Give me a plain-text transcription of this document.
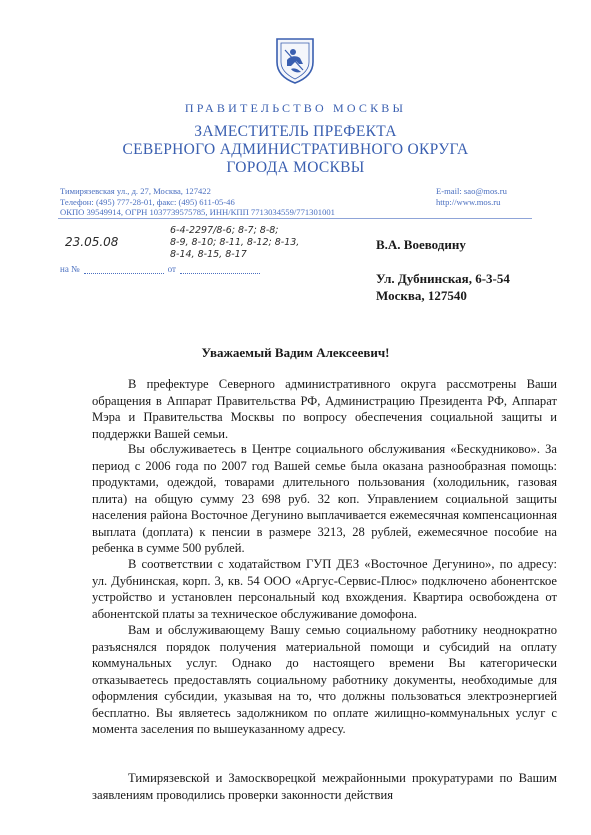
ПРАВИТЕЛЬСТВО МОСКВЫ
ЗАМЕСТИТЕЛЬ ПРЕФЕКТА
СЕВЕРНОГО АДМИНИСТРАТИВНОГО ОКРУГА
ГОРОДА МОСКВЫ
Тимирязевская ул., д. 27, Москва, 127422
Телефон: (495) 777-28-01, факс: (495) 611-05-46
ОКПО 39549914, ОГРН 1037739575785, ИНН/КПП 7713034559/771301001
E-mail: sao@mos.ru
http://www.mos.ru
23.05.08
6-4-2297/8-6; 8-7; 8-8;
8-9, 8-10; 8-11, 8-12; 8-13,
8-14, 8-15, 8-17
на №	от
В.А. Воеводину
Ул. Дубнинская, 6-3-54
Москва, 127540
Уважаемый Вадим Алексеевич!
В префектуре Северного административного округа рассмотрены Ваши обращения в Аппарат Правительства РФ, Администрацию Президента РФ, Аппарат Мэра и Правительства Москвы по вопросу обеспечения социальной защиты и поддержки Вашей семьи.
Вы обслуживаетесь в Центре социального обслуживания «Бескудниково». За период с 2006 года по 2007 год Вашей семье была оказана разнообразная помощь: продуктами, одеждой, товарами длительного пользования (холодильник, газовая плита) на общую сумму 23 698 руб. 32 коп. Управлением социальной защиты населения района Восточное Дегунино выплачивается ежемесячная компенсационная выплата (доплата) к пенсии в размере 3213, 28 рублей, ежемесячное пособие на ребенка в сумме 500 рублей.
В соответствии с ходатайством ГУП ДЕЗ «Восточное Дегунино», по адресу: ул. Дубнинская, корп. 3, кв. 54 ООО «Аргус-Сервис-Плюс» подключено абонентское устройство и установлен персональный код вхождения. Квартира освобождена от абонентской платы за техническое обслуживание домофона.
Вам и обслуживающему Вашу семью социальному работнику неоднократно разъяснялся порядок получения материальной помощи и субсидий на оплату коммунальных услуг. Однако до настоящего времени Вы категорически отказываетесь предоставлять социальному работнику документы, необходимые для оформления субсидии, указывая на то, что должны пользоваться электроэнергией бесплатно. Вы являетесь задолжником по оплате жилищно-коммунальных услуг с момента заселения по вышеуказанному адресу.
Тимирязевской и Замоскворецкой межрайонными прокуратурами по Вашим заявлениям проводились проверки законности действия
